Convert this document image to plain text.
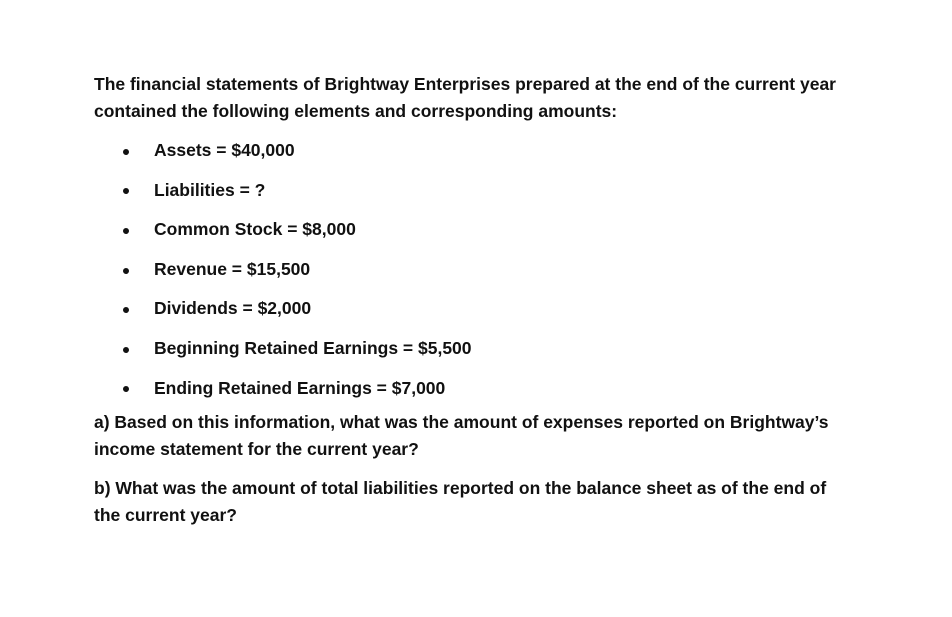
The financial statements of Brightway Enterprises prepared at the end of the current year contained the following elements and corresponding amounts:

Assets = $40,000
Liabilities = ?
Common Stock = $8,000
Revenue = $15,500
Dividends = $2,000
Beginning Retained Earnings = $5,500
Ending Retained Earnings = $7,000

a) Based on this information, what was the amount of expenses reported on Brightway’s income statement for the current year?

b) What was the amount of total liabilities reported on the balance sheet as of the end of the current year?
